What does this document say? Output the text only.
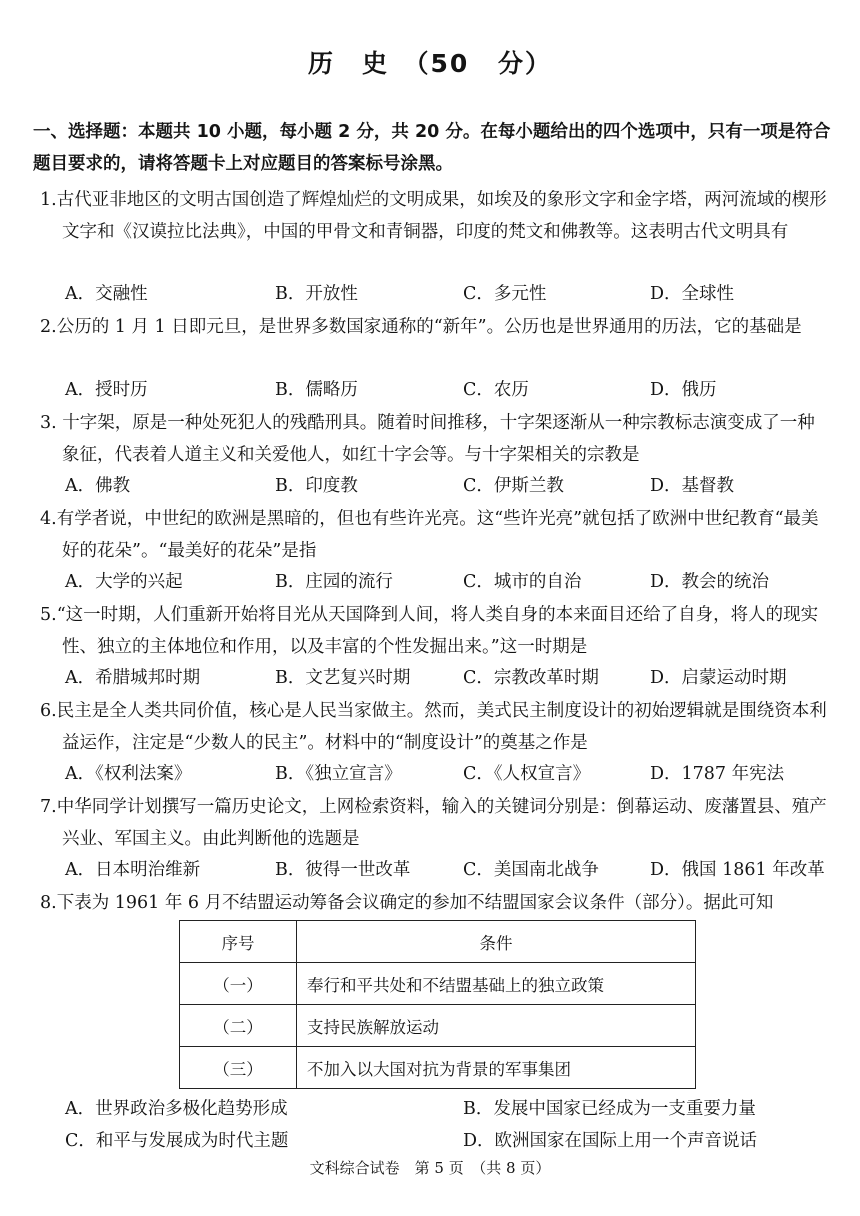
历　史　（50 分）
一、选择题：本题共 10 小题，每小题 2 分，共 20 分。在每小题给出的四个选项中，只有一项是符合题目要求的，请将答题卡上对应题目的答案标号涂黑。
1.古代亚非地区的文明古国创造了辉煌灿烂的文明成果，如埃及的象形文字和金字塔，两河流域的楔形文字和《汉谟拉比法典》，中国的甲骨文和青铜器，印度的梵文和佛教等。这表明古代文明具有
A．交融性	B．开放性	C．多元性	D．全球性
2.公历的 1 月 1 日即元旦，是世界多数国家通称的“新年”。公历也是世界通用的历法，它的基础是
A．授时历	B．儒略历	C．农历	D．俄历
3. 十字架，原是一种处死犯人的残酷刑具。随着时间推移，十字架逐渐从一种宗教标志演变成了一种象征，代表着人道主义和关爱他人，如红十字会等。与十字架相关的宗教是
A．佛教	B．印度教	C．伊斯兰教	D．基督教
4.有学者说，中世纪的欧洲是黑暗的，但也有些许光亮。这“些许光亮”就包括了欧洲中世纪教育“最美好的花朵”。“最美好的花朵”是指
A．大学的兴起	B．庄园的流行	C．城市的自治	D．教会的统治
5.“这一时期，人们重新开始将目光从天国降到人间，将人类自身的本来面目还给了自身，将人的现实性、独立的主体地位和作用，以及丰富的个性发掘出来。”这一时期是
A．希腊城邦时期	B．文艺复兴时期	C．宗教改革时期	D．启蒙运动时期
6.民主是全人类共同价值，核心是人民当家做主。然而，美式民主制度设计的初始逻辑就是围绕资本利益运作，注定是“少数人的民主”。材料中的“制度设计”的奠基之作是
A．《权利法案》	B．《独立宣言》	C．《人权宣言》	D．1787 年宪法
7.中华同学计划撰写一篇历史论文，上网检索资料，输入的关键词分别是：倒幕运动、废藩置县、殖产兴业、军国主义。由此判断他的选题是
A．日本明治维新	B．彼得一世改革	C．美国南北战争	D．俄国 1861 年改革
8.下表为 1961 年 6 月不结盟运动筹备会议确定的参加不结盟国家会议条件（部分）。据此可知
序号	条件
（一）	奉行和平共处和不结盟基础上的独立政策
（二）	支持民族解放运动
（三）	不加入以大国对抗为背景的军事集团
A．世界政治多极化趋势形成	B．发展中国家已经成为一支重要力量
C．和平与发展成为时代主题	D．欧洲国家在国际上用一个声音说话
文科综合试卷　第 5 页　（共 8 页）
